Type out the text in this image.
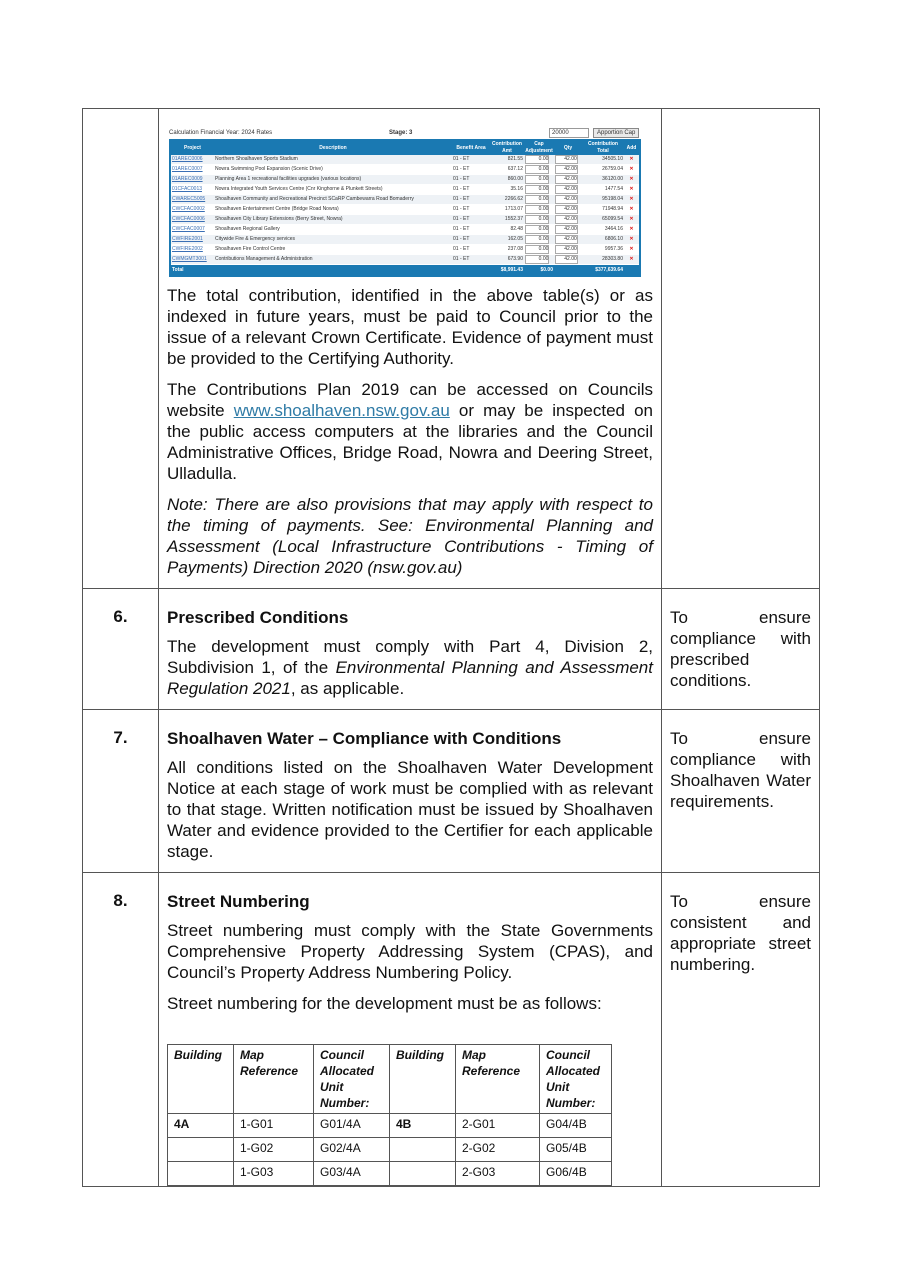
Calculation Financial Year: 2024 Rates	Stage: 3	20000	Apportion Cap
Project	Description	Benefit Area	Contribution Amt	Cap Adjustment	Qty	Contribution Total	Add
01AREC0006	Northern Shoalhaven Sports Stadium	01 - ET	821.55	0.00	42.00	34505.10	✕
01AREC0007	Nowra Swimming Pool Expansion (Scenic Drive)	01 - ET	637.12	0.00	42.00	26759.04	✕
01AREC0009	Planning Area 1 recreational facilities upgrades (various locations)	01 - ET	860.00	0.00	42.00	36120.00	✕
01CFAC0013	Nowra Integrated Youth Services Centre (Cnr Kinghorne & Plunkett Streets)	01 - ET	35.16	0.00	42.00	1477.54	✕
CWAREC5005	Shoalhaven Community and Recreational Precinct SCaRP Cambewarra Road Bomaderry	01 - ET	2266.62	0.00	42.00	95198.04	✕
CWCFAC0002	Shoalhaven Entertainment Centre (Bridge Road Nowra)	01 - ET	1713.07	0.00	42.00	71948.94	✕
CWCFAC0006	Shoalhaven City Library Extensions (Berry Street, Nowra)	01 - ET	1552.37	0.00	42.00	65099.54	✕
CWCFAC0007	Shoalhaven Regional Gallery	01 - ET	82.48	0.00	42.00	3464.16	✕
CWFIRE2001	Citywide Fire & Emergency services	01 - ET	162.05	0.00	42.00	6806.10	✕
CWFIRE2002	Shoalhaven Fire Control Centre	01 - ET	237.08	0.00	42.00	9957.36	✕
CWMGMT3001	Contributions Management & Administration	01 - ET	673.90	0.00	42.00	28303.80	✕
Total			$8,991.43	$0.00		$377,639.64	

The total contribution, identified in the above table(s) or as indexed in future years, must be paid to Council prior to the issue of a relevant Crown Certificate. Evidence of payment must be provided to the Certifying Authority.

The Contributions Plan 2019 can be accessed on Councils website www.shoalhaven.nsw.gov.au or may be inspected on the public access computers at the libraries and the Council Administrative Offices, Bridge Road, Nowra and Deering Street, Ulladulla.

Note: There are also provisions that may apply with respect to the timing of payments. See: Environmental Planning and Assessment (Local Infrastructure Contributions - Timing of Payments) Direction 2020 (nsw.gov.au)

6.	Prescribed Conditions

The development must comply with Part 4, Division 2, Subdivision 1, of the Environmental Planning and Assessment Regulation 2021, as applicable.

	To ensure compliance with prescribed conditions.
7.	Shoalhaven Water – Compliance with Conditions

All conditions listed on the Shoalhaven Water Development Notice at each stage of work must be complied with as relevant to that stage. Written notification must be issued by Shoalhaven Water and evidence provided to the Certifier for each applicable stage.

	To ensure compliance with Shoalhaven Water requirements.
8.	Street Numbering

Street numbering must comply with the State Governments Comprehensive Property Addressing System (CPAS), and Council’s Property Address Numbering Policy.

Street numbering for the development must be as follows:

Building	Map Reference	Council Allocated Unit Number:	Building	Map Reference	Council Allocated Unit Number:
4A	1-G01	G01/4A	4B	2-G01	G04/4B
	1-G02	G02/4A		2-G02	G05/4B
	1-G03	G03/4A		2-G03	G06/4B
	To ensure consistent and appropriate street numbering.
